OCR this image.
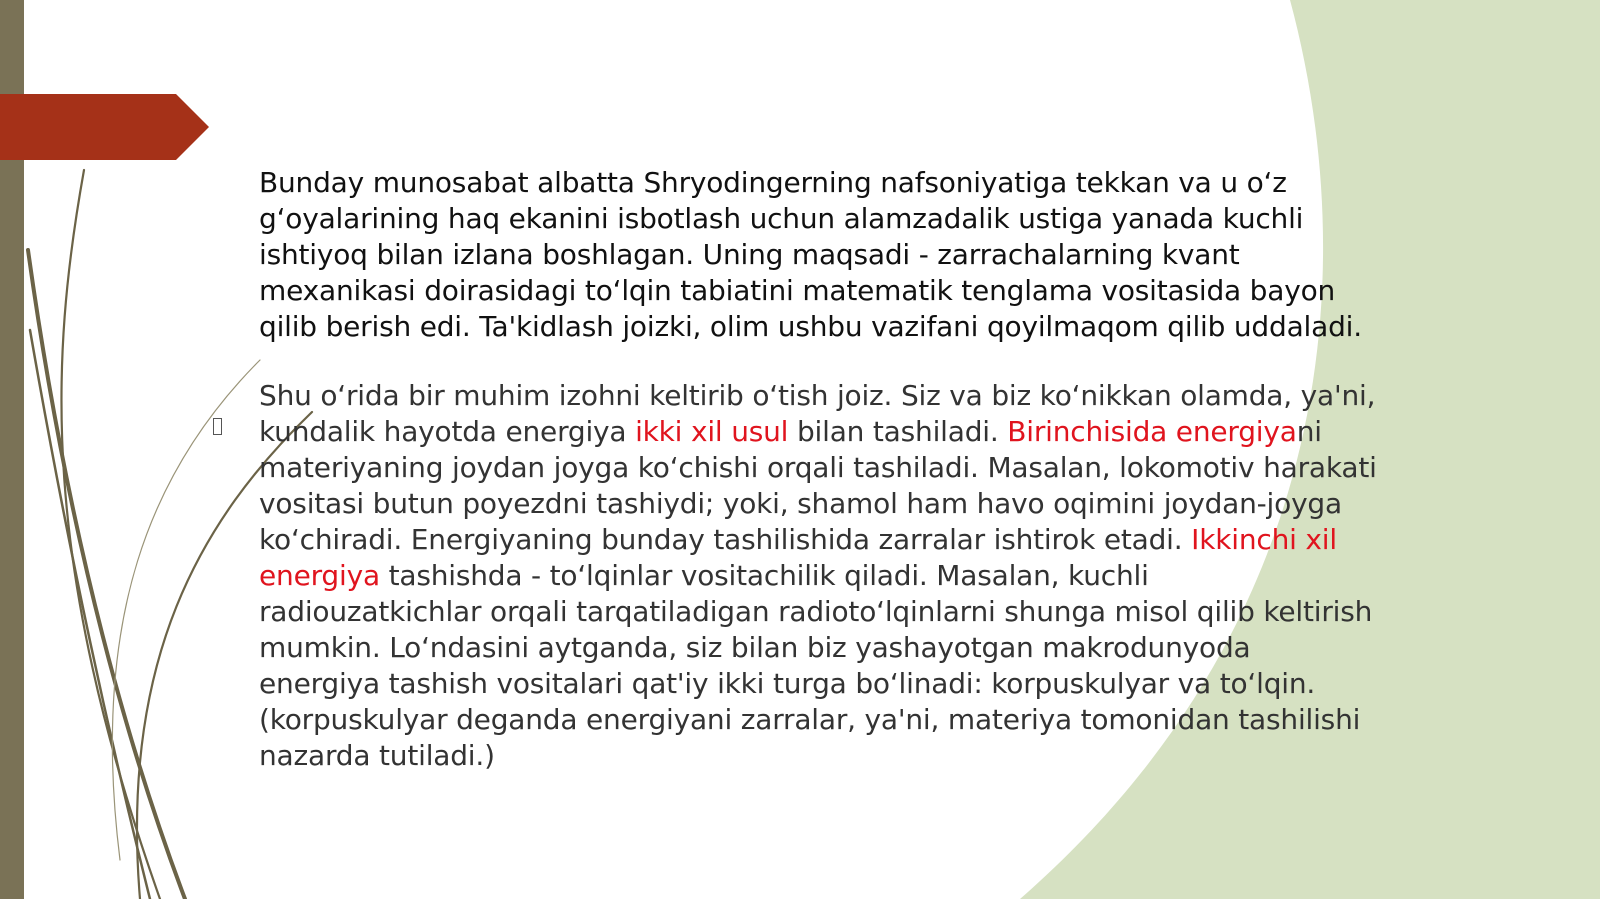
Bunday munosabat albatta Shryodingerning nafsoniyatiga tekkan va u o‘z g‘oyalarining haq ekanini isbotlash uchun alamzadalik ustiga yanada kuchli ishtiyoq bilan izlana boshlagan. Uning maqsadi - zarrachalarning kvant mexanikasi doirasidagi to‘lqin tabiatini matematik tenglama vositasida bayon qilib berish edi. Ta'kidlash joizki, olim ushbu vazifani qoyilmaqom qilib uddaladi.

Shu o‘rida bir muhim izohni keltirib o‘tish joiz. Siz va biz ko‘nikkan olamda, ya'ni, kundalik hayotda energiya ikki xil usul bilan tashiladi. Birinchisida energiyani materiyaning joydan joyga ko‘chishi orqali tashiladi. Masalan, lokomotiv harakati vositasi butun poyezdni tashiydi; yoki, shamol ham havo oqimini joydan-joyga ko‘chiradi. Energiyaning bunday tashilishida zarralar ishtirok etadi. Ikkinchi xil energiya tashishda - to‘lqinlar vositachilik qiladi. Masalan, kuchli radiouzatkichlar orqali tarqatiladigan radioto‘lqinlarni shunga misol qilib keltirish mumkin. Lo‘ndasini aytganda, siz bilan biz yashayotgan makrodunyoda energiya tashish vositalari qat'iy ikki turga bo‘linadi: korpuskulyar va to‘lqin. (korpuskulyar deganda energiyani zarralar, ya'ni, materiya tomonidan tashilishi nazarda tutiladi.)
